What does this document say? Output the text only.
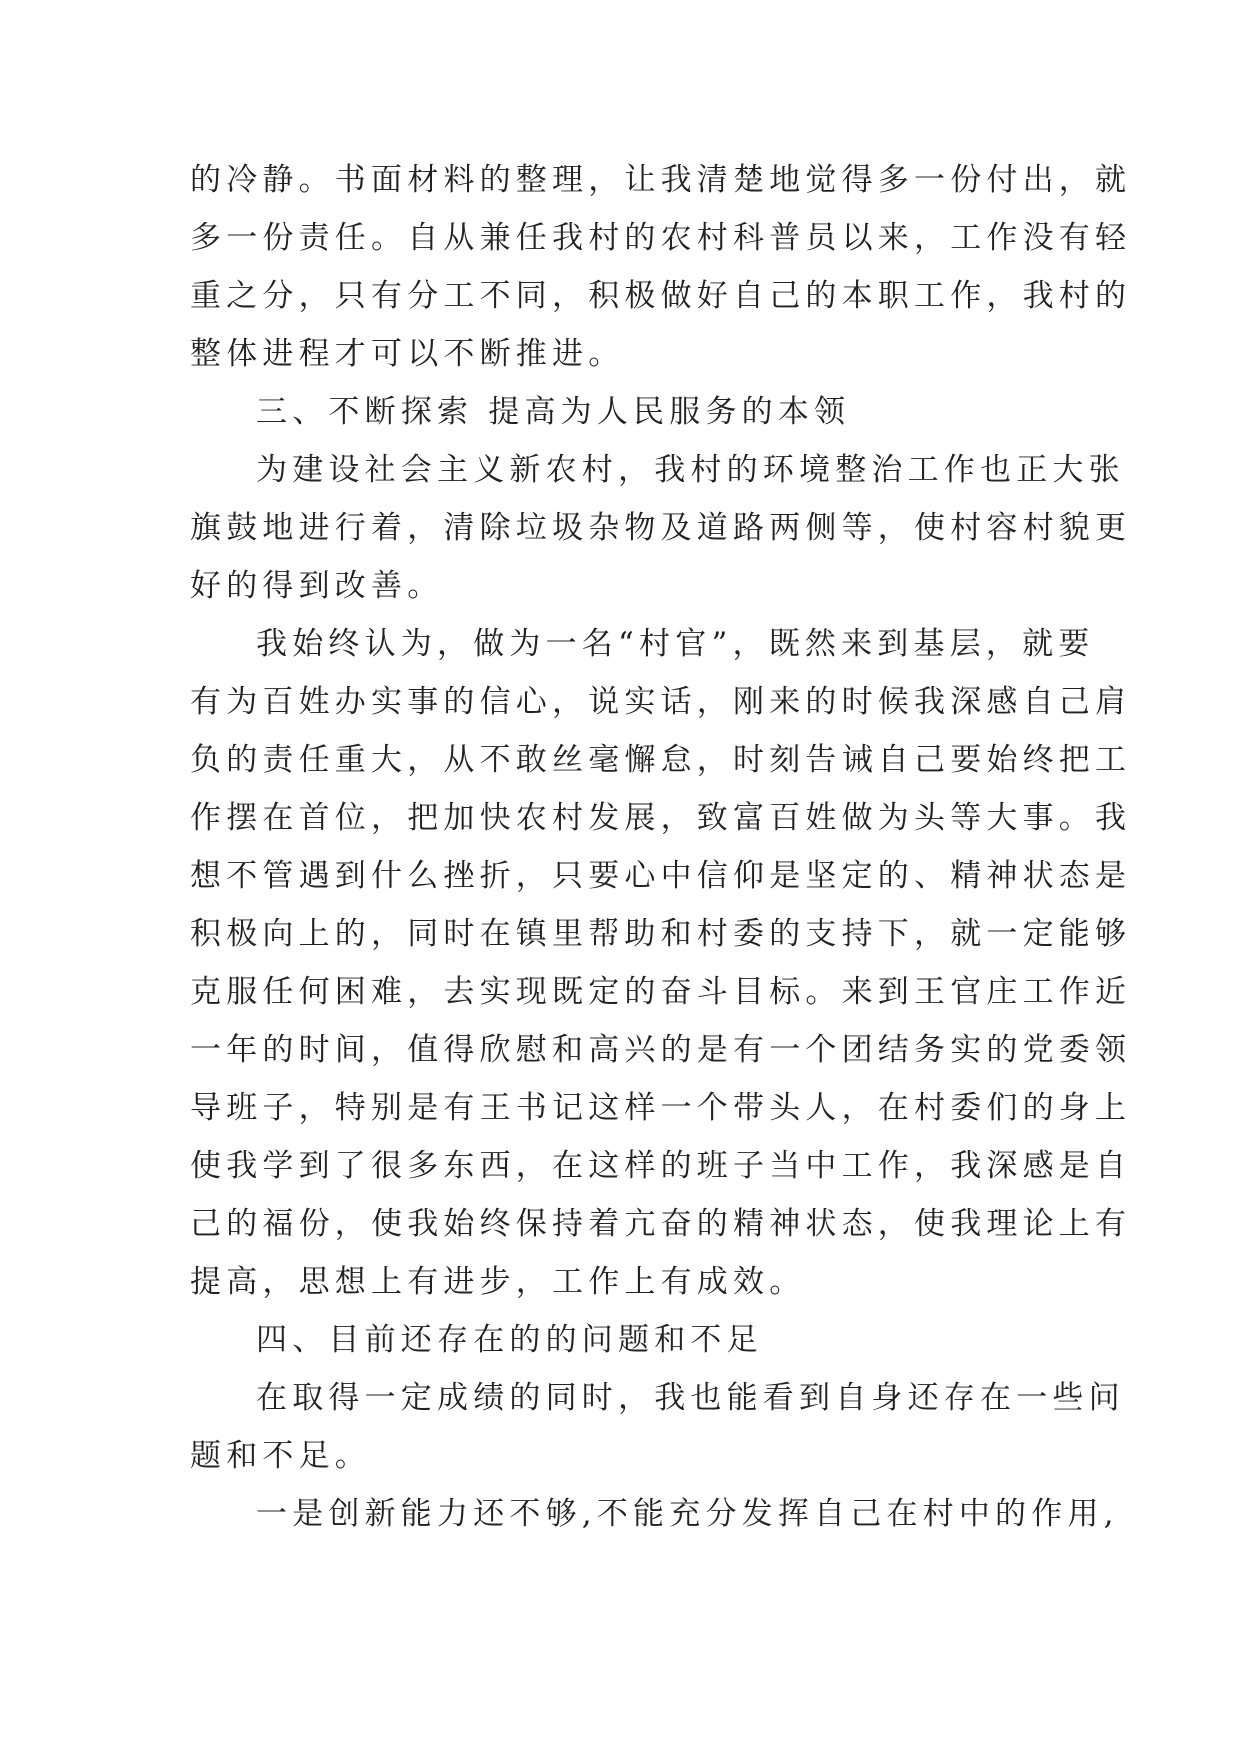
的冷静。书面材料的整理，让我清楚地觉得多一份付出，就
多一份责任。自从兼任我村的农村科普员以来，工作没有轻
重之分，只有分工不同，积极做好自己的本职工作，我村的
整体进程才可以不断推进。
三、不断探索 提高为人民服务的本领
为建设社会主义新农村，我村的环境整治工作也正大张
旗鼓地进行着，清除垃圾杂物及道路两侧等，使村容村貌更
好的得到改善。
我始终认为，做为一名“村官”，既然来到基层，就要
有为百姓办实事的信心，说实话，刚来的时候我深感自己肩
负的责任重大，从不敢丝毫懈怠，时刻告诫自己要始终把工
作摆在首位，把加快农村发展，致富百姓做为头等大事。我
想不管遇到什么挫折，只要心中信仰是坚定的、精神状态是
积极向上的，同时在镇里帮助和村委的支持下，就一定能够
克服任何困难，去实现既定的奋斗目标。来到王官庄工作近
一年的时间，值得欣慰和高兴的是有一个团结务实的党委领
导班子，特别是有王书记这样一个带头人，在村委们的身上
使我学到了很多东西，在这样的班子当中工作，我深感是自
己的福份，使我始终保持着亢奋的精神状态，使我理论上有
提高，思想上有进步，工作上有成效。
四、目前还存在的的问题和不足
在取得一定成绩的同时，我也能看到自身还存在一些问
题和不足。
一是创新能力还不够,不能充分发挥自己在村中的作用,
